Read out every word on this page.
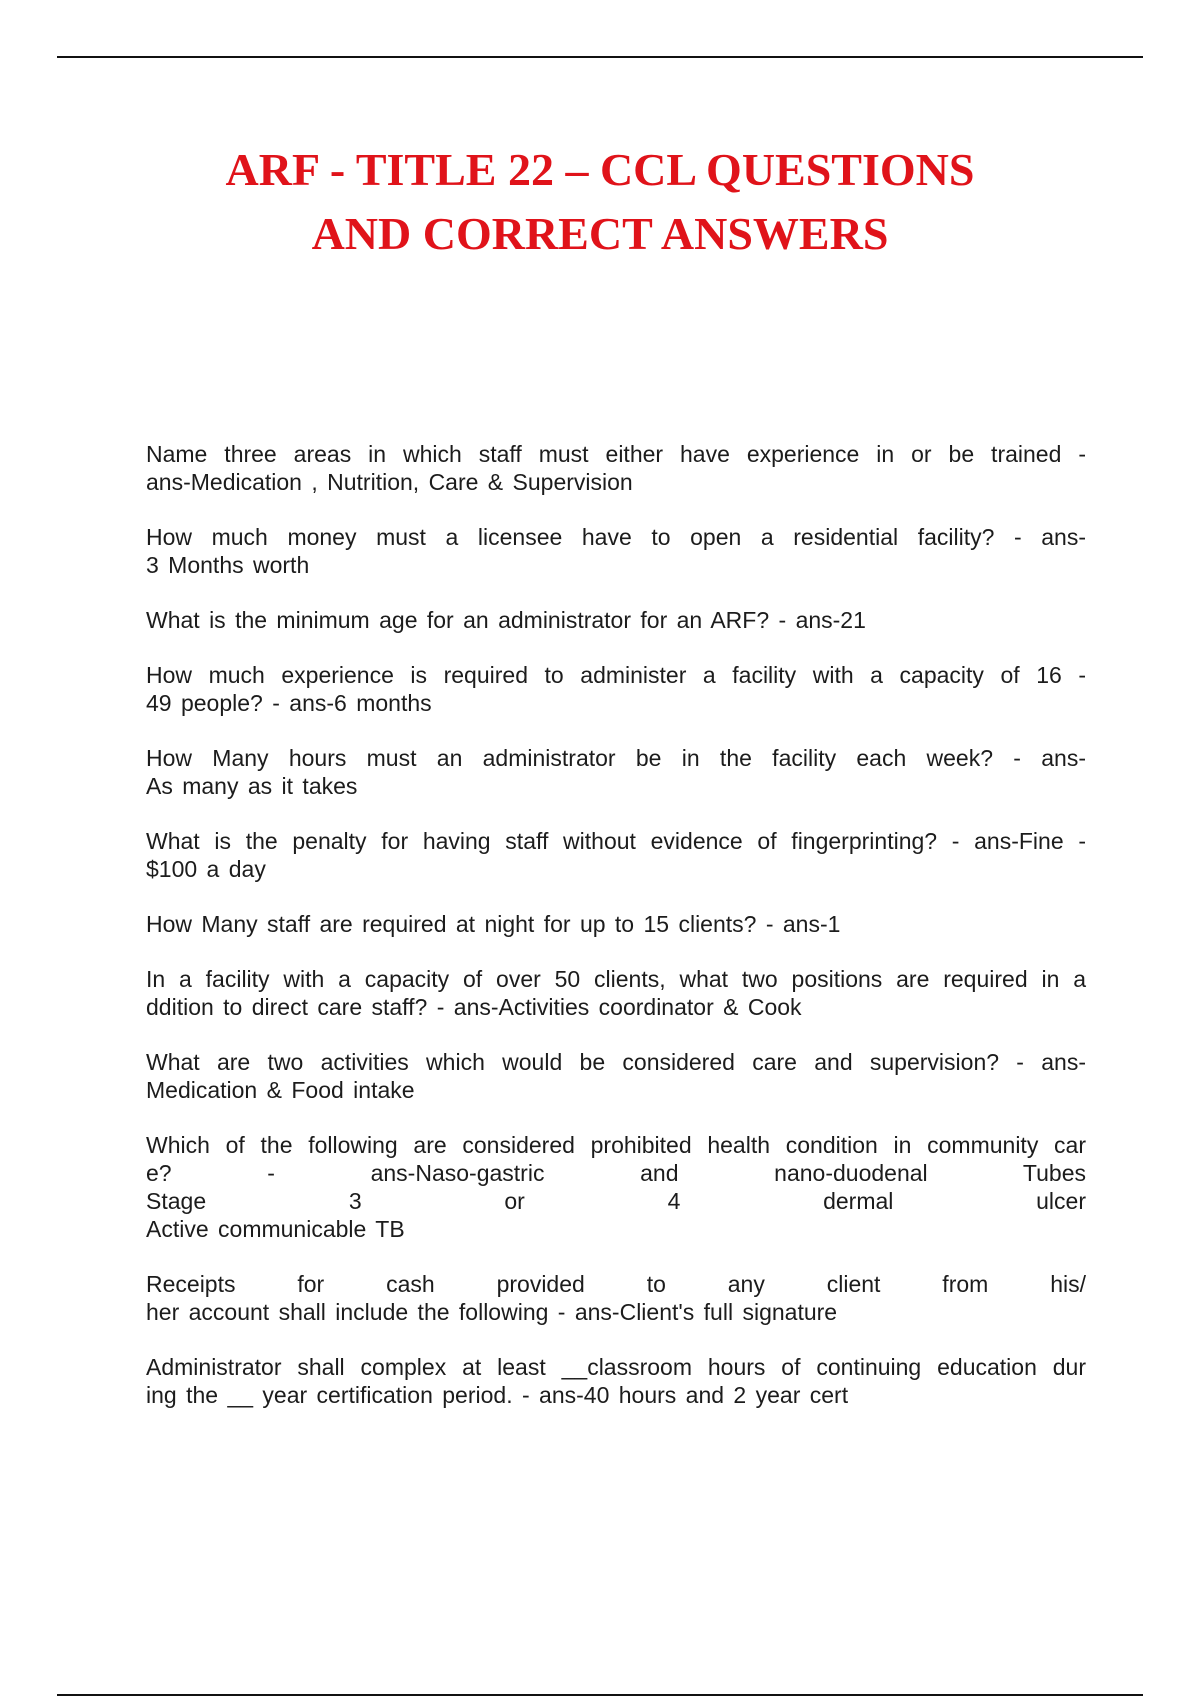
ARF - TITLE 22 – CCL QUESTIONS
AND CORRECT ANSWERS
Name three areas in which staff must either have experience in or be trained -
ans-Medication , Nutrition, Care & Supervision
How much money must a licensee have to open a residential facility? - ans-
3 Months worth
What is the minimum age for an administrator for an ARF? - ans-21
How much experience is required to administer a facility with a capacity of 16 -
49 people? - ans-6 months
How Many hours must an administrator be in the facility each week? - ans-
As many as it takes
What is the penalty for having staff without evidence of fingerprinting? - ans-Fine -
$100 a day
How Many staff are required at night for up to 15 clients? - ans-1
In a facility with a capacity of over 50 clients, what two positions are required in a
ddition to direct care staff? - ans-Activities coordinator & Cook
What are two activities which would be considered care and supervision? - ans-
Medication & Food intake
Which of the following are considered prohibited health condition in community car
e? - ans-Naso-gastric and nano-duodenal Tubes
Stage 3 or 4 dermal ulcer
Active communicable TB
Receipts for cash provided to any client from his/
her account shall include the following - ans-Client's full signature
Administrator shall complex at least __classroom hours of continuing education dur
ing the __ year certification period. - ans-40 hours and 2 year cert
